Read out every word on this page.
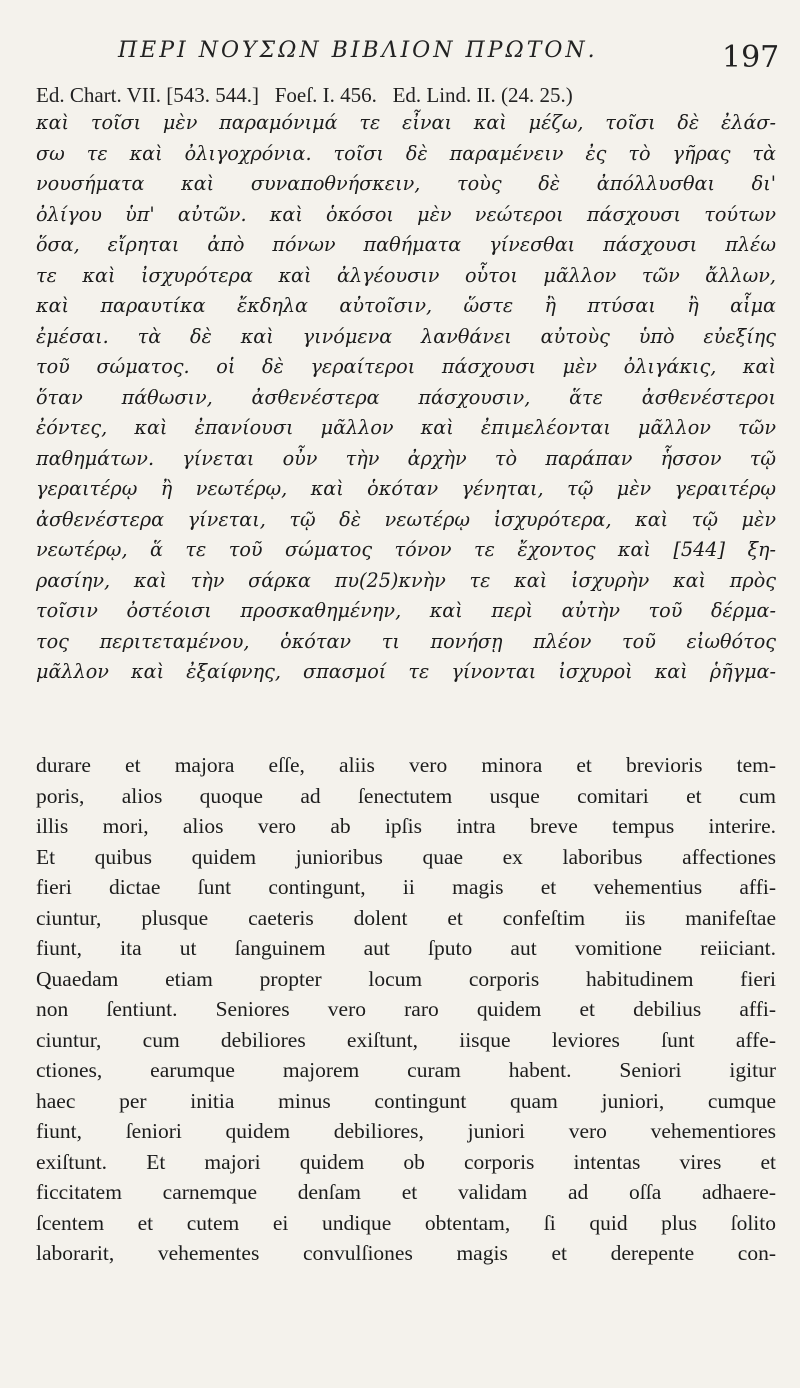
ΠΕΡΙ ΝΟΥΣΩΝ ΒΙΒΛΙΟΝ ΠΡΩΤΟΝ.	197
Ed. Chart. VII. [543. 544.]   Foeſ. I. 456.   Ed. Lind. II. (24. 25.)
καὶ τοῖσι μὲν παραμόνιμά τε εἶναι καὶ μέζω, τοῖσι δὲ ἐλάσ-
σω τε καὶ ὀλιγοχρόνια. τοῖσι δὲ παραμένειν ἐς τὸ γῆρας τὰ
νουσήματα καὶ συναποθνήσκειν, τοὺς δὲ ἀπόλλυσθαι δι'
ὀλίγου ὑπ' αὐτῶν. καὶ ὁκόσοι μὲν νεώτεροι πάσχουσι τούτων
ὅσα, εἴρηται ἀπὸ πόνων παθήματα γίνεσθαι πάσχουσι πλέω
τε καὶ ἰσχυρότερα καὶ ἀλγέουσιν οὗτοι μᾶλλον τῶν ἄλλων,
καὶ παραυτίκα ἔκδηλα αὐτοῖσιν, ὥστε ἢ πτύσαι ἢ αἷμα
ἐμέσαι. τὰ δὲ καὶ γινόμενα λανθάνει αὐτοὺς ὑπὸ εὐεξίης
τοῦ σώματος. οἱ δὲ γεραίτεροι πάσχουσι μὲν ὀλιγάκις, καὶ
ὅταν πάθωσιν, ἀσθενέστερα πάσχουσιν, ἅτε ἀσθενέστεροι
ἐόντες, καὶ ἐπανίουσι μᾶλλον καὶ ἐπιμελέονται μᾶλλον τῶν
παθημάτων. γίνεται οὖν τὴν ἀρχὴν τὸ παράπαν ἧσσον τῷ
γεραιτέρῳ ἢ νεωτέρῳ, καὶ ὁκόταν γένηται, τῷ μὲν γεραιτέρῳ
ἀσθενέστερα γίνεται, τῷ δὲ νεωτέρῳ ἰσχυρότερα, καὶ τῷ μὲν
νεωτέρῳ, ἅ τε τοῦ σώματος τόνον τε ἔχοντος καὶ [544] ξη-
ρασίην, καὶ τὴν σάρκα πυ(25)κνὴν τε καὶ ἰσχυρὴν καὶ πρὸς
τοῖσιν ὀστέοισι προσκαθημένην, καὶ περὶ αὐτὴν τοῦ δέρμα-
τος περιτεταμένου, ὁκόταν τι πονήσῃ πλέον τοῦ εἰωθότος
μᾶλλον καὶ ἐξαίφνης, σπασμοί τε γίνονται ἰσχυροὶ καὶ ῥῆγμα-
durare et majora eſſe, aliis vero minora et brevioris tem-
poris, alios quoque ad ſenectutem usque comitari et cum
illis mori, alios vero ab ipſis intra breve tempus interire.
Et quibus quidem junioribus quae ex laboribus affectiones
fieri dictae ſunt contingunt, ii magis et vehementius affi-
ciuntur, plusque caeteris dolent et confeſtim iis manifeſtae
fiunt, ita ut ſanguinem aut ſputo aut vomitione reiiciant.
Quaedam etiam propter locum corporis habitudinem fieri
non ſentiunt. Seniores vero raro quidem et debilius affi-
ciuntur, cum debiliores exiſtunt, iisque leviores ſunt affe-
ctiones, earumque majorem curam habent. Seniori igitur
haec per initia minus contingunt quam juniori, cumque
fiunt, ſeniori quidem debiliores, juniori vero vehementiores
exiſtunt. Et majori quidem ob corporis intentas vires et
ficcitatem carnemque denſam et validam ad oſſa adhaere-
ſcentem et cutem ei undique obtentam, ſi quid plus ſolito
laborarit, vehementes convulſiones magis et derepente con-
